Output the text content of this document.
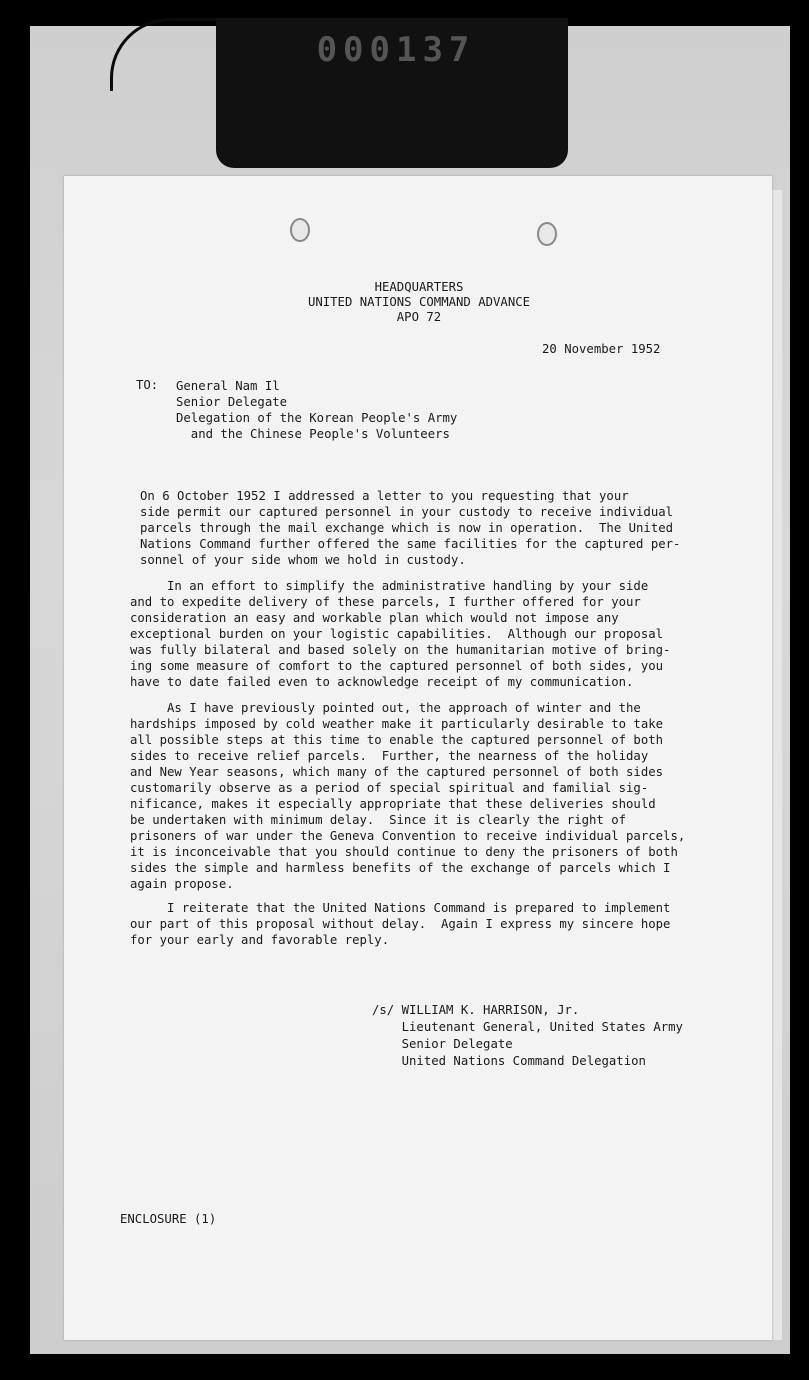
000137
HEADQUARTERS
UNITED NATIONS COMMAND ADVANCE
APO 72

20 November 1952

TO: General Nam Il
Senior Delegate
Delegation of the Korean People's Army
and the Chinese People's Volunteers

On 6 October 1952 I addressed a letter to you requesting that your
side permit our captured personnel in your custody to receive individual
parcels through the mail exchange which is now in operation.  The United
Nations Command further offered the same facilities for the captured per-
sonnel of your side whom we hold in custody.

In an effort to simplify the administrative handling by your side
and to expedite delivery of these parcels, I further offered for your
consideration an easy and workable plan which would not impose any
exceptional burden on your logistic capabilities.  Although our proposal
was fully bilateral and based solely on the humanitarian motive of bring-
ing some measure of comfort to the captured personnel of both sides, you
have to date failed even to acknowledge receipt of my communication.

As I have previously pointed out, the approach of winter and the
hardships imposed by cold weather make it particularly desirable to take
all possible steps at this time to enable the captured personnel of both
sides to receive relief parcels.  Further, the nearness of the holiday
and New Year seasons, which many of the captured personnel of both sides
customarily observe as a period of special spiritual and familial sig-
nificance, makes it especially appropriate that these deliveries should
be undertaken with minimum delay.  Since it is clearly the right of
prisoners of war under the Geneva Convention to receive individual parcels,
it is inconceivable that you should continue to deny the prisoners of both
sides the simple and harmless benefits of the exchange of parcels which I
again propose.

I reiterate that the United Nations Command is prepared to implement
our part of this proposal without delay.  Again I express my sincere hope
for your early and favorable reply.

/s/ WILLIAM K. HARRISON, Jr.
Lieutenant General, United States Army
Senior Delegate
United Nations Command Delegation

ENCLOSURE (1)
